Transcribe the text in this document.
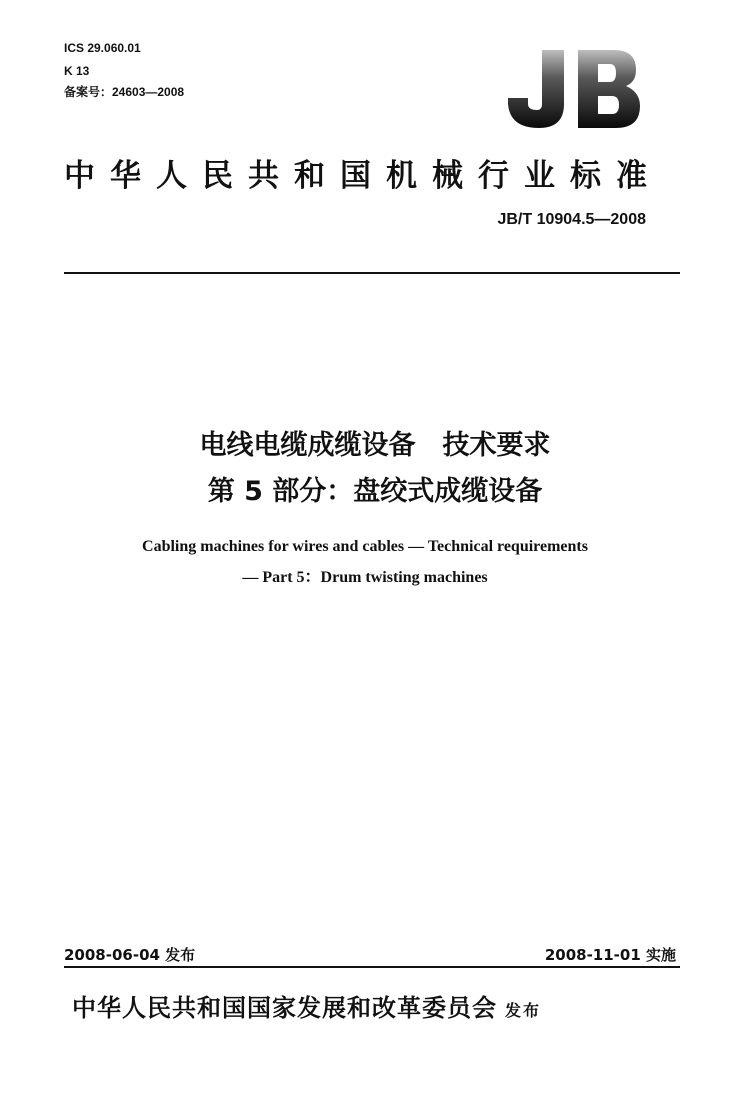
ICS 29.060.01
K 13
备案号：24603—2008
中华人民共和国机械行业标准
JB/T 10904.5—2008
电线电缆成缆设备　技术要求
第 5 部分：盘绞式成缆设备
Cabling machines for wires and cables — Technical requirements
— Part 5：Drum twisting machines
2008-06-04 发布	2008-11-01 实施
中华人民共和国国家发展和改革委员会 发布
